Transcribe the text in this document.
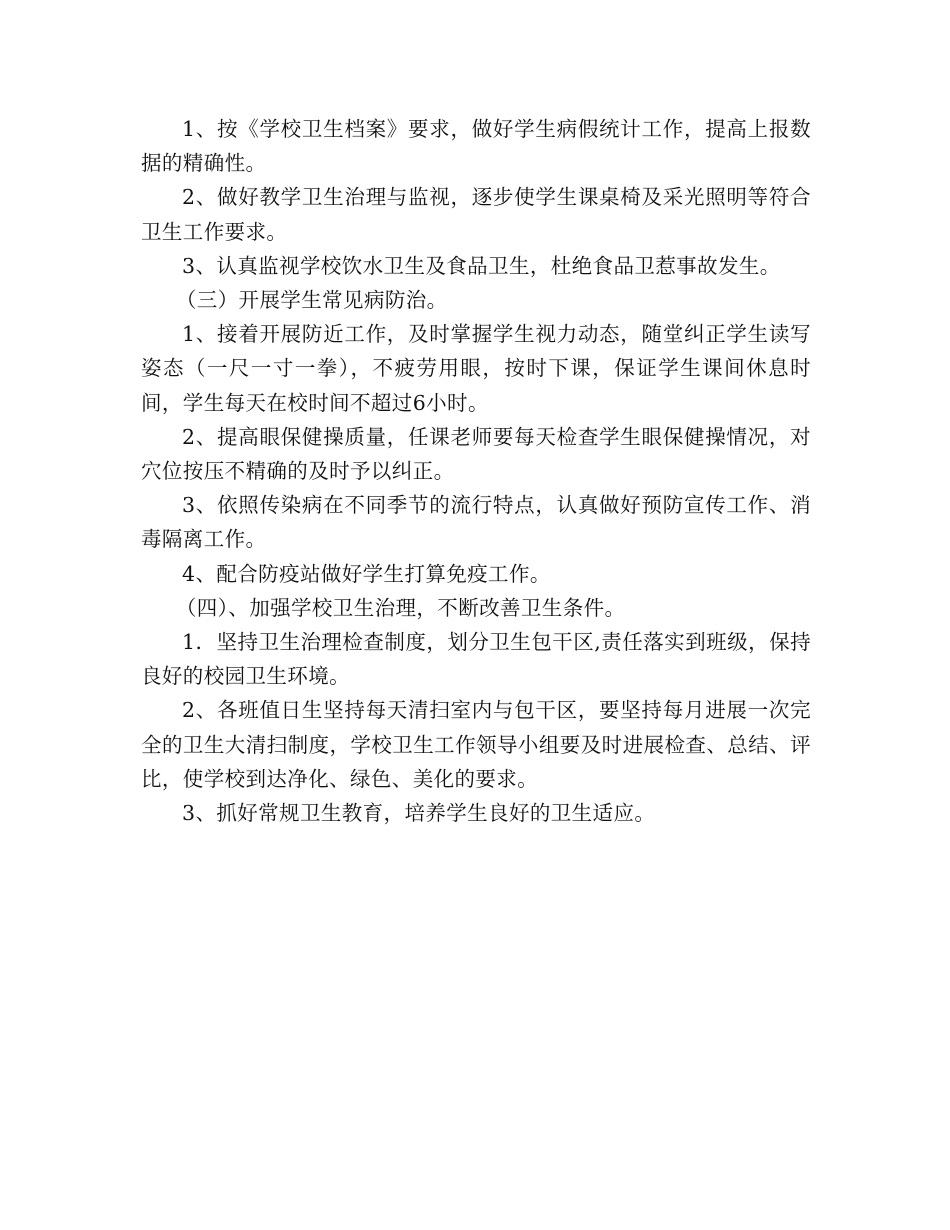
1、按《学校卫生档案》要求，做好学生病假统计工作，提高上报数据的精确性。

2、做好教学卫生治理与监视，逐步使学生课桌椅及采光照明等符合卫生工作要求。

3、认真监视学校饮水卫生及食品卫生，杜绝食品卫惹事故发生。

（三）开展学生常见病防治。

1、接着开展防近工作，及时掌握学生视力动态，随堂纠正学生读写姿态（一尺一寸一拳），不疲劳用眼，按时下课，保证学生课间休息时间，学生每天在校时间不超过6小时。

2、提高眼保健操质量，任课老师要每天检查学生眼保健操情况，对穴位按压不精确的及时予以纠正。

3、依照传染病在不同季节的流行特点，认真做好预防宣传工作、消毒隔离工作。

4、配合防疫站做好学生打算免疫工作。

（四）、加强学校卫生治理，不断改善卫生条件。

1．坚持卫生治理检查制度，划分卫生包干区,责任落实到班级，保持良好的校园卫生环境。

2、各班值日生坚持每天清扫室内与包干区，要坚持每月进展一次完全的卫生大清扫制度，学校卫生工作领导小组要及时进展检查、总结、评比，使学校到达净化、绿色、美化的要求。

3、抓好常规卫生教育，培养学生良好的卫生适应。
